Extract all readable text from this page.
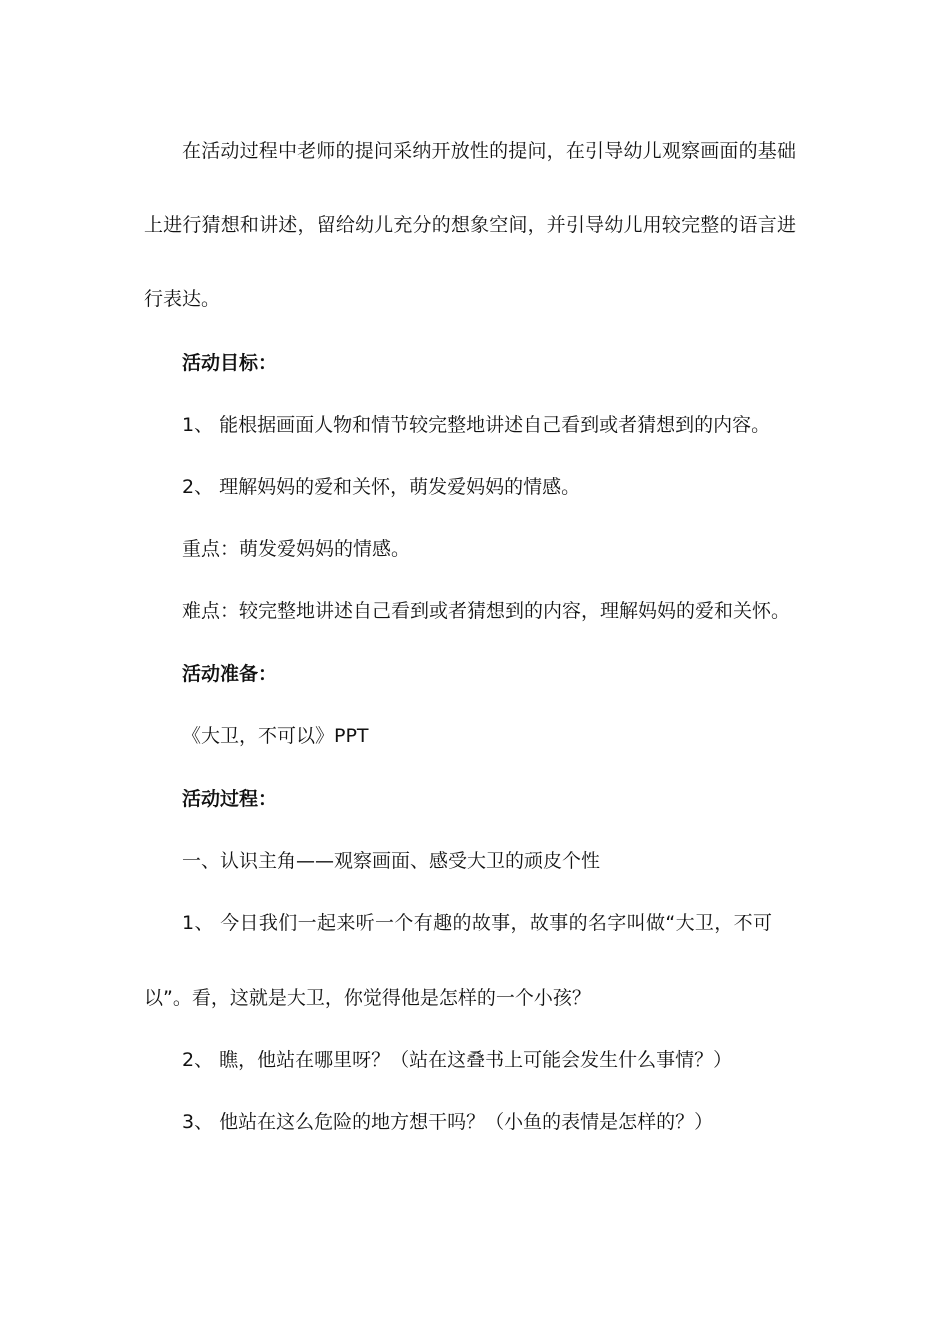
在活动过程中老师的提问采纳开放性的提问，在引导幼儿观察画面的基础
上进行猜想和讲述，留给幼儿充分的想象空间，并引导幼儿用较完整的语言进
行表达。
活动目标：
1、 能根据画面人物和情节较完整地讲述自己看到或者猜想到的内容。
2、 理解妈妈的爱和关怀，萌发爱妈妈的情感。
重点：萌发爱妈妈的情感。
难点：较完整地讲述自己看到或者猜想到的内容，理解妈妈的爱和关怀。
活动准备：
《大卫，不可以》PPT
活动过程：
一、认识主角——观察画面、感受大卫的顽皮个性
1、 今日我们一起来听一个有趣的故事，故事的名字叫做“大卫，不可
以”。看，这就是大卫，你觉得他是怎样的一个小孩？
2、 瞧，他站在哪里呀？（站在这叠书上可能会发生什么事情？）
3、 他站在这么危险的地方想干吗？（小鱼的表情是怎样的？）
